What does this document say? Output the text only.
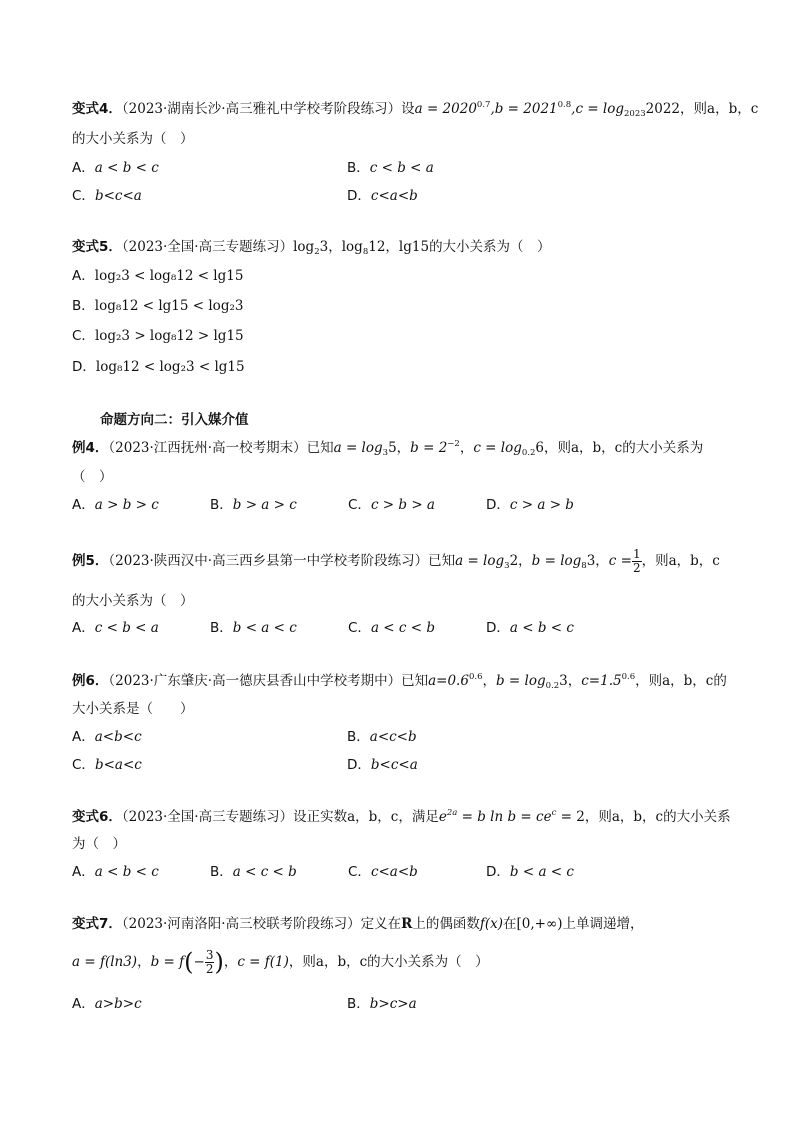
变式4．（2023·湖南长沙·高三雅礼中学校考阶段练习）设$a = 2020^{0.7},b = 2021^{0.8},c = \log_{2023}2022$，则a，b，c
的大小关系为（　）
A．a < b < c	B．c < b < a
C．b<c<a	D．c<a<b
变式5．（2023·全国·高三专题练习）$\log_23$，$\log_812$，lg15的大小关系为（　）
A．log₂3 < log₈12 < lg15
B．log₈12 < lg15 < log₂3
C．log₂3 > log₈12 > lg15
D．log₈12 < log₂3 < lg15
命题方向二：引入媒介值
例4．（2023·江西抚州·高一校考期末）已知$a = \log_35$，$b = 2^{-2}$，$c = \log_{0.2}6$，则a，b，c的大小关系为
（　）
A．a > b > c	B．b > a > c	C．c > b > a	D．c > a > b
例5．（2023·陕西汉中·高三西乡县第一中学校考阶段练习）已知$a = \log_32$，$b = \log_83$，$c = \frac{1}{2}$ ，则a，b，c
的大小关系为（　）
A．c < b < a	B．b < a < c	C．a < c < b	D．a < b < c
例6．（2023·广东肇庆·高一德庆县香山中学校考期中）已知$a=0.6^{0.6}$，$b = \log_{0.2}3$，$c=1.5^{0.6}$，则a，b，c的
大小关系是（　　）
A．a<b<c	B．a<c<b
C．b<a<c	D．b<c<a
变式6．（2023·全国·高三专题练习）设正实数a，b，c，满足$e^{2a} = b$ $\ln b = ce^c = 2$，则a，b，c的大小关系
为（　）
A．a < b < c	B．a < c < b	C．c<a<b	D．b < a < c
变式7．（2023·河南洛阳·高三校联考阶段练习）定义在R上的偶函数f(x)在[0,+∞)上单调递增，
a = f(ln3)，$b = f(- \frac{3}{2}$ )，c = f(1)，则a，b，c的大小关系为（　）
A．a>b>c	B．b>c>a
